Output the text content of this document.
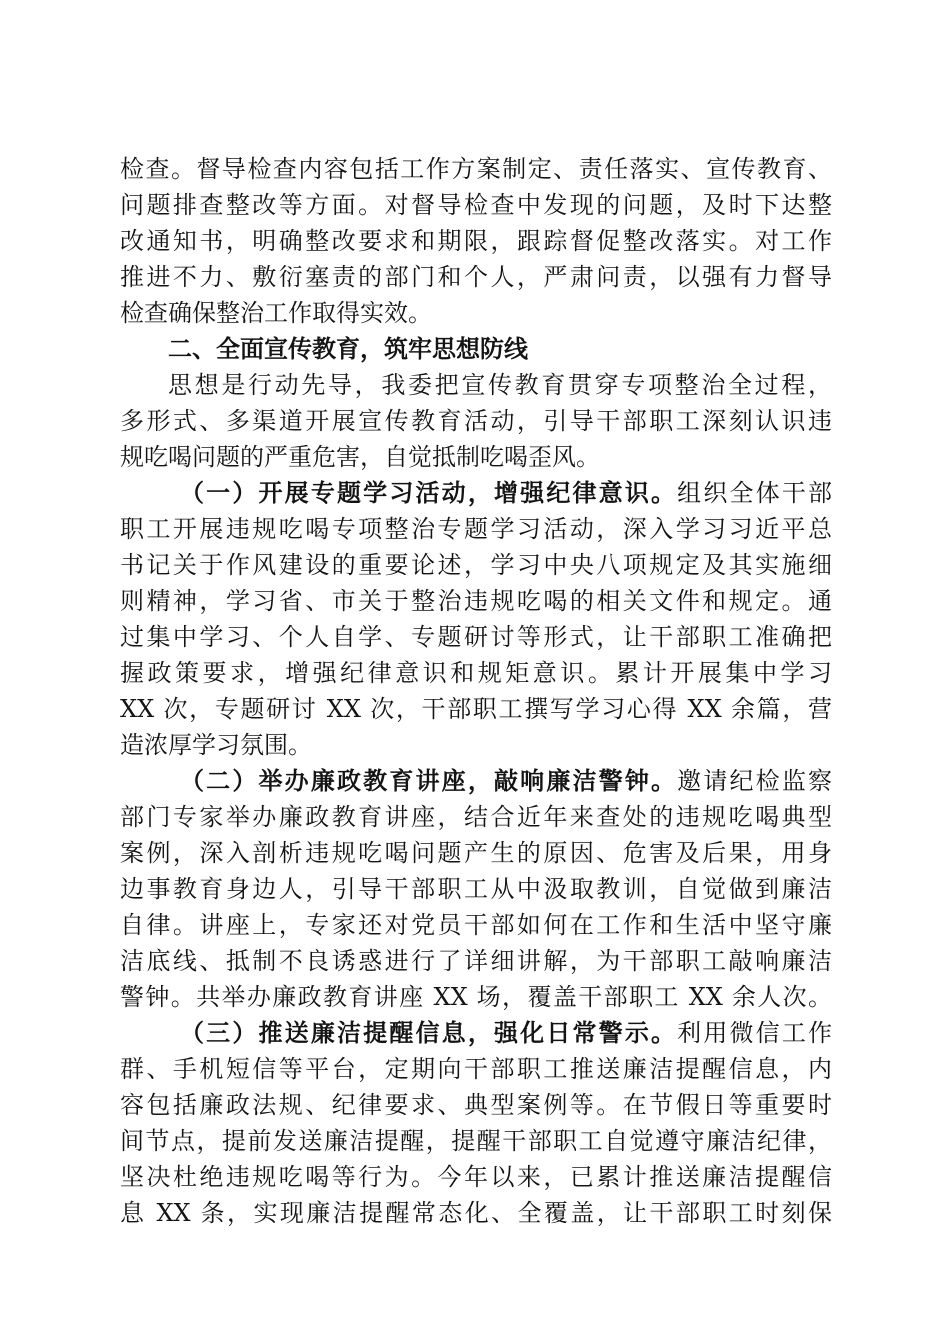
检查。督导检查内容包括工作方案制定、责任落实、宣传教育、
问题排查整改等方面。对督导检查中发现的问题，及时下达整
改通知书，明确整改要求和期限，跟踪督促整改落实。对工作
推进不力、敷衍塞责的部门和个人，严肃问责，以强有力督导
检查确保整治工作取得实效。
二、全面宣传教育，筑牢思想防线
思想是行动先导，我委把宣传教育贯穿专项整治全过程，
多形式、多渠道开展宣传教育活动，引导干部职工深刻认识违
规吃喝问题的严重危害，自觉抵制吃喝歪风。
（一）开展专题学习活动，增强纪律意识。组织全体干部
职工开展违规吃喝专项整治专题学习活动，深入学习习近平总
书记关于作风建设的重要论述，学习中央八项规定及其实施细
则精神，学习省、市关于整治违规吃喝的相关文件和规定。通
过集中学习、个人自学、专题研讨等形式，让干部职工准确把
握政策要求，增强纪律意识和规矩意识。累计开展集中学习
XX 次，专题研讨 XX 次，干部职工撰写学习心得 XX 余篇，营
造浓厚学习氛围。
（二）举办廉政教育讲座，敲响廉洁警钟。邀请纪检监察
部门专家举办廉政教育讲座，结合近年来查处的违规吃喝典型
案例，深入剖析违规吃喝问题产生的原因、危害及后果，用身
边事教育身边人，引导干部职工从中汲取教训，自觉做到廉洁
自律。讲座上，专家还对党员干部如何在工作和生活中坚守廉
洁底线、抵制不良诱惑进行了详细讲解，为干部职工敲响廉洁
警钟。共举办廉政教育讲座 XX 场，覆盖干部职工 XX 余人次。
（三）推送廉洁提醒信息，强化日常警示。利用微信工作
群、手机短信等平台，定期向干部职工推送廉洁提醒信息，内
容包括廉政法规、纪律要求、典型案例等。在节假日等重要时
间节点，提前发送廉洁提醒，提醒干部职工自觉遵守廉洁纪律，
坚决杜绝违规吃喝等行为。今年以来，已累计推送廉洁提醒信
息 XX 条，实现廉洁提醒常态化、全覆盖，让干部职工时刻保
